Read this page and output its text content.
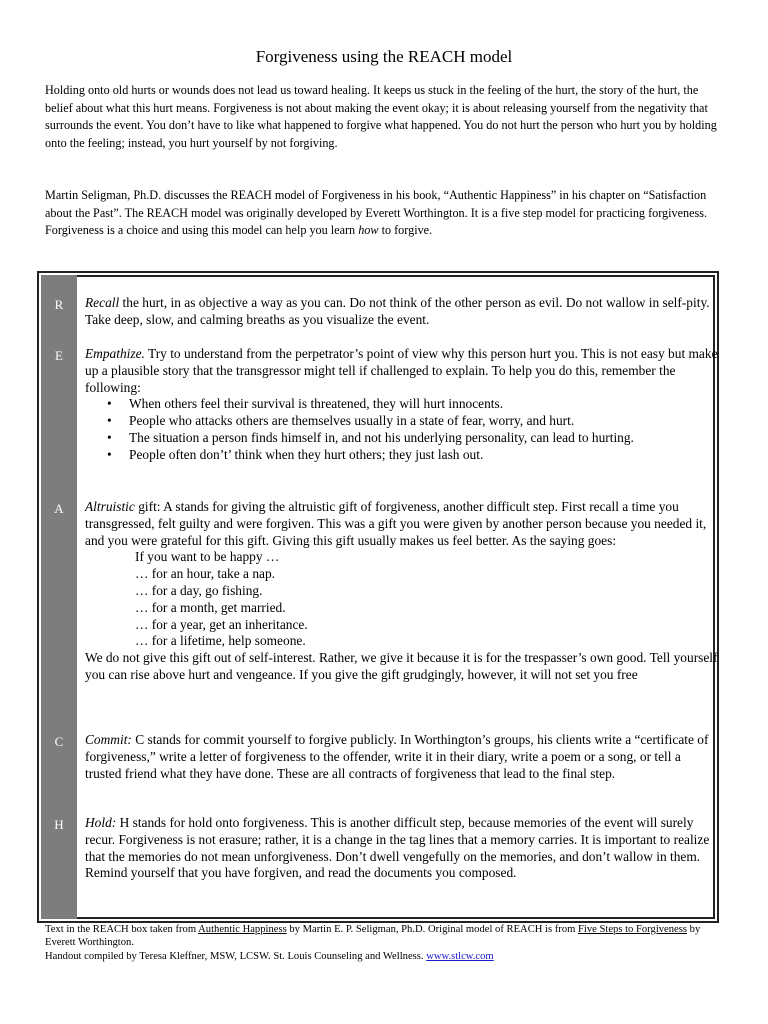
Forgiveness using the REACH model

Holding onto old hurts or wounds does not lead us toward healing. It keeps us stuck in the feeling of the hurt, the story of the hurt, the belief about what this hurt means. Forgiveness is not about making the event okay; it is about releasing yourself from the negativity that surrounds the event. You don’t have to like what happened to forgive what happened. You do not hurt the person who hurt you by holding onto the feeling; instead, you hurt yourself by not forgiving.

Martin Seligman, Ph.D. discusses the REACH model of Forgiveness in his book, “Authentic Happiness” in his chapter on “Satisfaction about the Past”. The REACH model was originally developed by Everett Worthington. It is a five step model for practicing forgiveness. Forgiveness is a choice and using this model can help you learn how to forgive.

R
E
A
C
H

Recall the hurt, in as objective a way as you can. Do not think of the other person as evil. Do not wallow in self-pity. Take deep, slow, and calming breaths as you visualize the event.

Empathize. Try to understand from the perpetrator’s point of view why this person hurt you. This is not easy but make up a plausible story that the transgressor might tell if challenged to explain. To help you do this, remember the following:

• When others feel their survival is threatened, they will hurt innocents.
• People who attacks others are themselves usually in a state of fear, worry, and hurt.
• The situation a person finds himself in, and not his underlying personality, can lead to hurting.
• People often don’t’ think when they hurt others; they just lash out.

Altruistic gift: A stands for giving the altruistic gift of forgiveness, another difficult step. First recall a time you transgressed, felt guilty and were forgiven. This was a gift you were given by another person because you needed it, and you were grateful for this gift. Giving this gift usually makes us feel better. As the saying goes:

If you want to be happy …
… for an hour, take a nap.
… for a day, go fishing.
… for a month, get married.
… for a year, get an inheritance.
… for a lifetime, help someone.

We do not give this gift out of self-interest. Rather, we give it because it is for the trespasser’s own good. Tell yourself you can rise above hurt and vengeance. If you give the gift grudgingly, however, it will not set you free

Commit: C stands for commit yourself to forgive publicly. In Worthington’s groups, his clients write a “certificate of forgiveness,” write a letter of forgiveness to the offender, write it in their diary, write a poem or a song, or tell a trusted friend what they have done. These are all contracts of forgiveness that lead to the final step.

Hold: H stands for hold onto forgiveness. This is another difficult step, because memories of the event will surely recur. Forgiveness is not erasure; rather, it is a change in the tag lines that a memory carries. It is important to realize that the memories do not mean unforgiveness. Don’t dwell vengefully on the memories, and don’t wallow in them. Remind yourself that you have forgiven, and read the documents you composed.

Text in the REACH box taken from Authentic Happiness by Martin E. P. Seligman, Ph.D. Original model of REACH is from Five Steps to Forgiveness by Everett Worthington.

Handout compiled by Teresa Kleffner, MSW, LCSW. St. Louis Counseling and Wellness. www.stlcw.com
